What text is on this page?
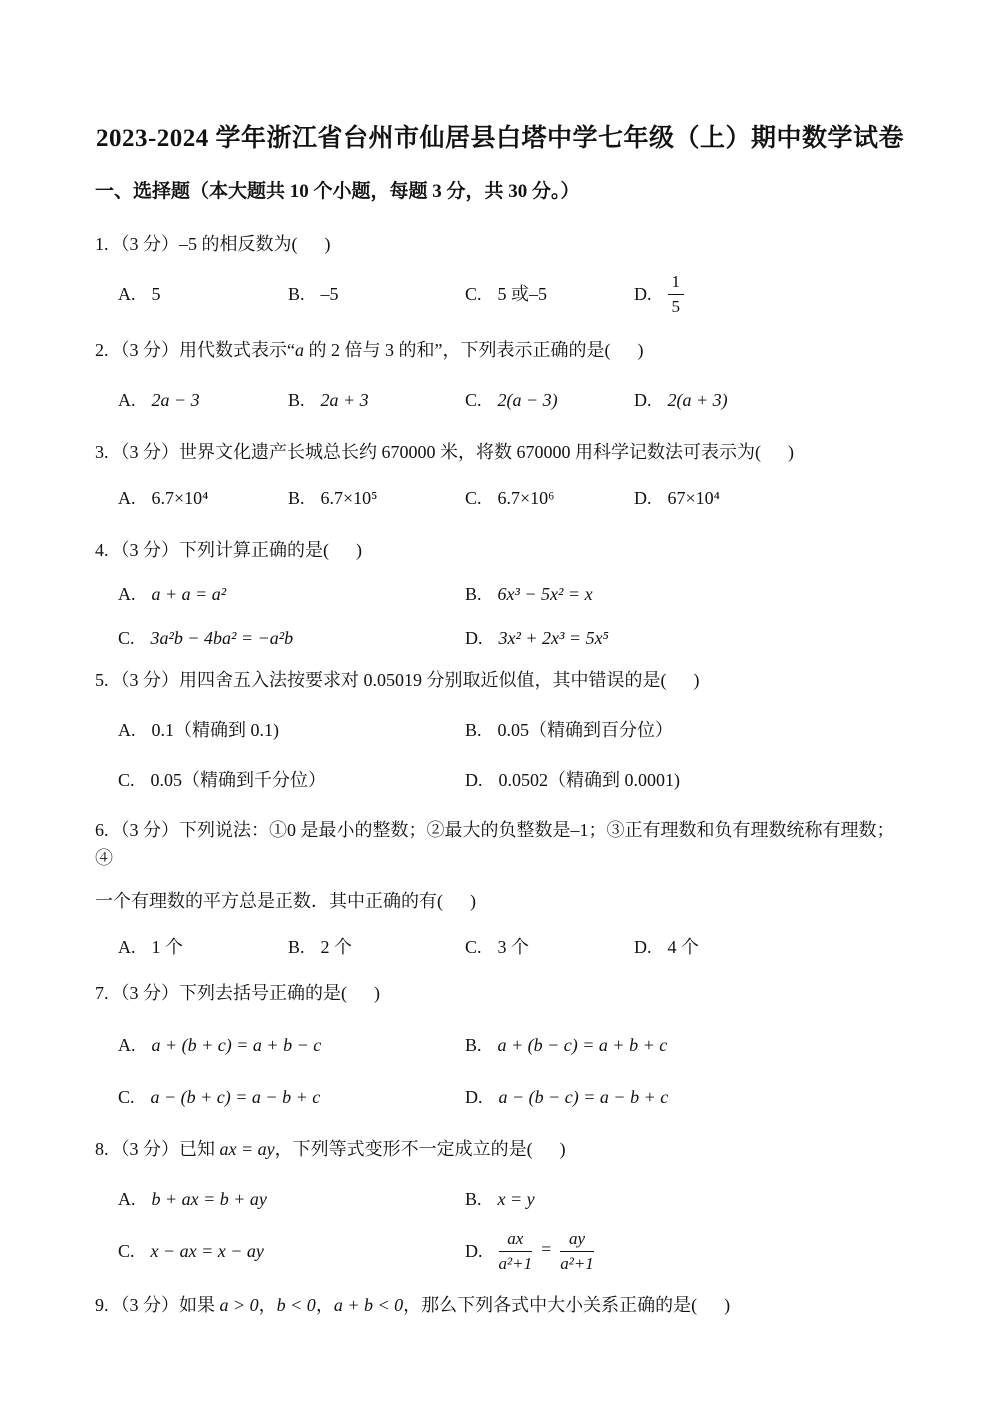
2023-2024 学年浙江省台州市仙居县白塔中学七年级（上）期中数学试卷
一、选择题（本大题共 10 个小题，每题 3 分，共 30 分。）
1. （3 分）–5 的相反数为(      )
A. 5	B. –5	C. 5 或–5	D. $\frac{1}{5}$
2. （3 分）用代数式表示“a 的 2 倍与 3 的和”，下列表示正确的是(      )
A. 2a − 3	B. 2a + 3	C. 2(a − 3)	D. 2(a + 3)
3. （3 分）世界文化遗产长城总长约 670000 米，将数 670000 用科学记数法可表示为(      )
A. 6.7×10⁴	B. 6.7×10⁵	C. 6.7×10⁶	D. 67×10⁴
4. （3 分）下列计算正确的是(      )
A. a + a = a²	B. 6x³ − 5x² = x
C. 3a²b − 4ba² = −a²b	D. 3x² + 2x³ = 5x⁵
5. （3 分）用四舍五入法按要求对 0.05019 分别取近似值，其中错误的是(      )
A. 0.1（精确到 0.1)	B. 0.05（精确到百分位）
C. 0.05（精确到千分位）	D. 0.0502（精确到 0.0001)
6. （3 分）下列说法：①0 是最小的整数；②最大的负整数是–1；③正有理数和负有理数统称有理数；④
一个有理数的平方总是正数．其中正确的有(      )
A. 1 个	B. 2 个	C. 3 个	D. 4 个
7. （3 分）下列去括号正确的是(      )
A. a + (b + c) = a + b − c	B. a + (b − c) = a + b + c
C. a − (b + c) = a − b + c	D. a − (b − c) = a − b + c
8. （3 分）已知 ax = ay，下列等式变形不一定成立的是(      )
A. b + ax = b + ay	B. x = y
C. x − ax = x − ay	D. $\frac{ax}{\text{a²+1}} = \frac{ay}{\text{a²+1}}$
9. （3 分）如果 a > 0，b < 0，a + b < 0，那么下列各式中大小关系正确的是(      )
